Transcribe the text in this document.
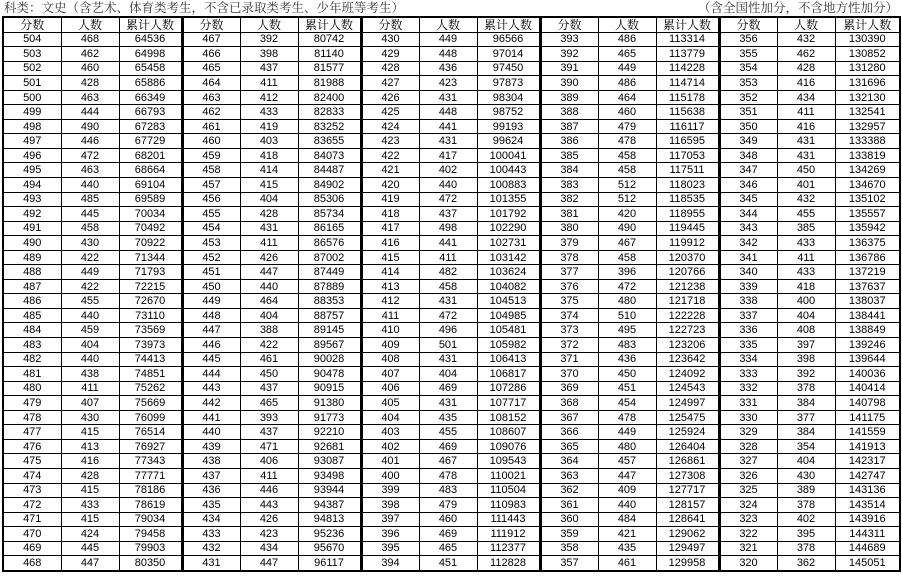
科类：文史（含艺术、体育类考生，不含已录取类考生、少年班等考生）	（含全国性加分，不含地方性加分）
分数	人数	累计人数	分数	人数	累计人数	分数	人数	累计人数	分数	人数	累计人数	分数	人数	累计人数
504	468	64536	467	392	80742	430	449	96566	393	486	113314	356	432	130390
503	462	64998	466	398	81140	429	448	97014	392	465	113779	355	462	130852
502	460	65458	465	437	81577	428	436	97450	391	449	114228	354	428	131280
501	428	65886	464	411	81988	427	423	97873	390	486	114714	353	416	131696
500	463	66349	463	412	82400	426	431	98304	389	464	115178	352	434	132130
499	444	66793	462	433	82833	425	448	98752	388	460	115638	351	411	132541
498	490	67283	461	419	83252	424	441	99193	387	479	116117	350	416	132957
497	446	67729	460	403	83655	423	431	99624	386	478	116595	349	431	133388
496	472	68201	459	418	84073	422	417	100041	385	458	117053	348	431	133819
495	463	68664	458	414	84487	421	402	100443	384	458	117511	347	450	134269
494	440	69104	457	415	84902	420	440	100883	383	512	118023	346	401	134670
493	485	69589	456	404	85306	419	472	101355	382	512	118535	345	432	135102
492	445	70034	455	428	85734	418	437	101792	381	420	118955	344	455	135557
491	458	70492	454	431	86165	417	498	102290	380	490	119445	343	385	135942
490	430	70922	453	411	86576	416	441	102731	379	467	119912	342	433	136375
489	422	71344	452	426	87002	415	411	103142	378	458	120370	341	411	136786
488	449	71793	451	447	87449	414	482	103624	377	396	120766	340	433	137219
487	422	72215	450	440	87889	413	458	104082	376	472	121238	339	418	137637
486	455	72670	449	464	88353	412	431	104513	375	480	121718	338	400	138037
485	440	73110	448	404	88757	411	472	104985	374	510	122228	337	404	138441
484	459	73569	447	388	89145	410	496	105481	373	495	122723	336	408	138849
483	404	73973	446	422	89567	409	501	105982	372	483	123206	335	397	139246
482	440	74413	445	461	90028	408	431	106413	371	436	123642	334	398	139644
481	438	74851	444	450	90478	407	404	106817	370	450	124092	333	392	140036
480	411	75262	443	437	90915	406	469	107286	369	451	124543	332	378	140414
479	407	75669	442	465	91380	405	431	107717	368	454	124997	331	384	140798
478	430	76099	441	393	91773	404	435	108152	367	478	125475	330	377	141175
477	415	76514	440	437	92210	403	455	108607	366	449	125924	329	384	141559
476	413	76927	439	471	92681	402	469	109076	365	480	126404	328	354	141913
475	416	77343	438	406	93087	401	467	109543	364	457	126861	327	404	142317
474	428	77771	437	411	93498	400	478	110021	363	447	127308	326	430	142747
473	415	78186	436	446	93944	399	483	110504	362	409	127717	325	389	143136
472	433	78619	435	443	94387	398	479	110983	361	440	128157	324	378	143514
471	415	79034	434	426	94813	397	460	111443	360	484	128641	323	402	143916
470	424	79458	433	423	95236	396	469	111912	359	421	129062	322	395	144311
469	445	79903	432	434	95670	395	465	112377	358	435	129497	321	378	144689
468	447	80350	431	447	96117	394	451	112828	357	461	129958	320	362	145051
